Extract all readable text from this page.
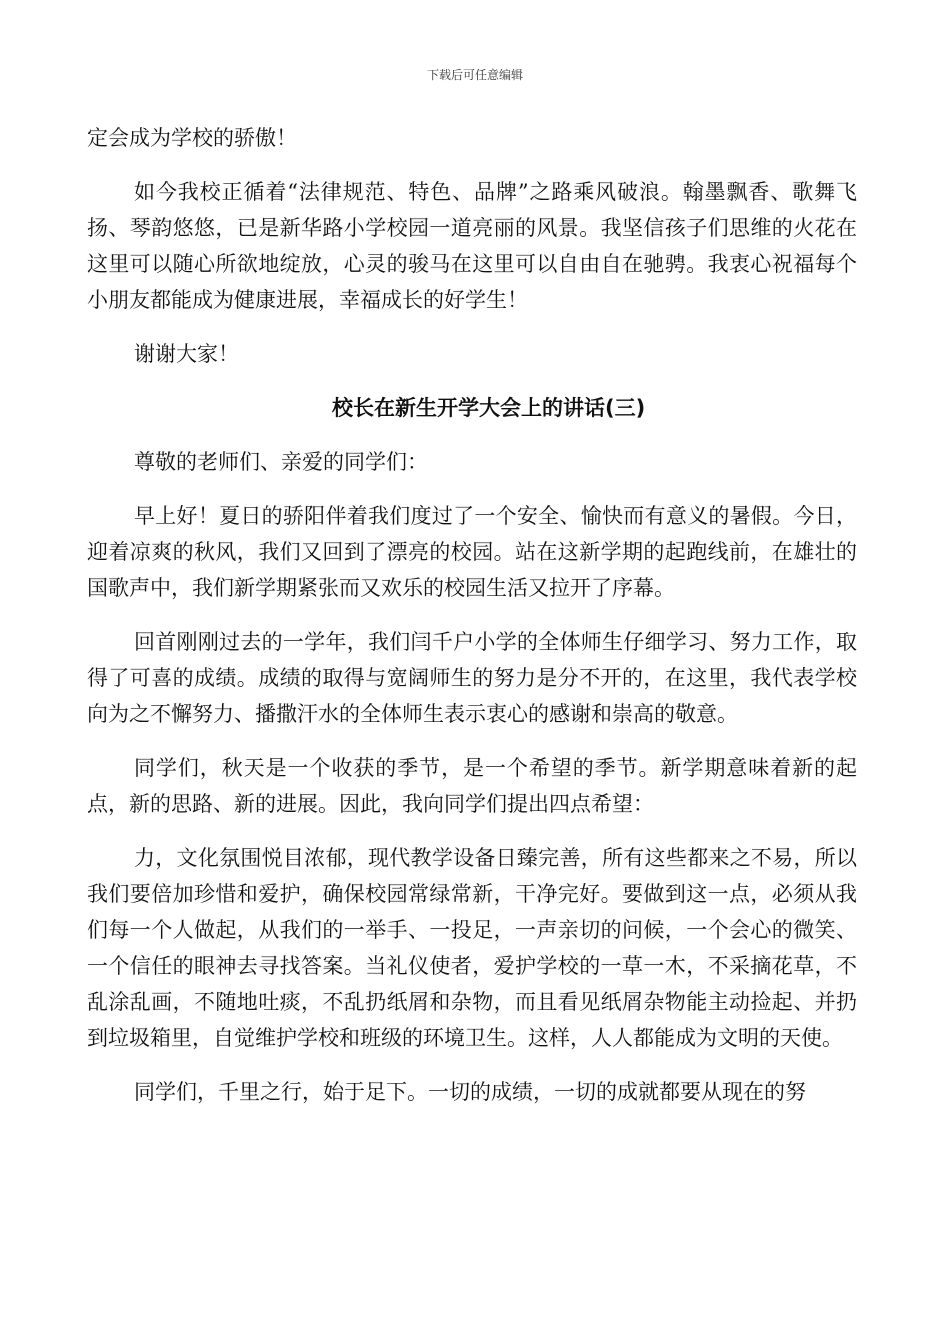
下载后可任意编辑

定会成为学校的骄傲！

如今我校正循着“法律规范、特色、品牌”之路乘风破浪。翰墨飘香、歌舞飞扬、琴韵悠悠，已是新华路小学校园一道亮丽的风景。我坚信孩子们思维的火花在这里可以随心所欲地绽放，心灵的骏马在这里可以自由自在驰骋。我衷心祝福每个小朋友都能成为健康进展，幸福成长的好学生！

谢谢大家！

校长在新生开学大会上的讲话(三)

尊敬的老师们、亲爱的同学们：

早上好！夏日的骄阳伴着我们度过了一个安全、愉快而有意义的暑假。今日，迎着凉爽的秋风，我们又回到了漂亮的校园。站在这新学期的起跑线前，在雄壮的国歌声中，我们新学期紧张而又欢乐的校园生活又拉开了序幕。

回首刚刚过去的一学年，我们闫千户小学的全体师生仔细学习、努力工作，取得了可喜的成绩。成绩的取得与宽阔师生的努力是分不开的，在这里，我代表学校向为之不懈努力、播撒汗水的全体师生表示衷心的感谢和崇高的敬意。

同学们，秋天是一个收获的季节，是一个希望的季节。新学期意味着新的起点，新的思路、新的进展。因此，我向同学们提出四点希望：

力，文化氛围悦目浓郁，现代教学设备日臻完善，所有这些都来之不易，所以我们要倍加珍惜和爱护，确保校园常绿常新，干净完好。要做到这一点，必须从我们每一个人做起，从我们的一举手、一投足，一声亲切的问候，一个会心的微笑、一个信任的眼神去寻找答案。当礼仪使者，爱护学校的一草一木，不采摘花草，不乱涂乱画，不随地吐痰，不乱扔纸屑和杂物，而且看见纸屑杂物能主动捡起、并扔到垃圾箱里，自觉维护学校和班级的环境卫生。这样，人人都能成为文明的天使。

同学们，千里之行，始于足下。一切的成绩，一切的成就都要从现在的努
